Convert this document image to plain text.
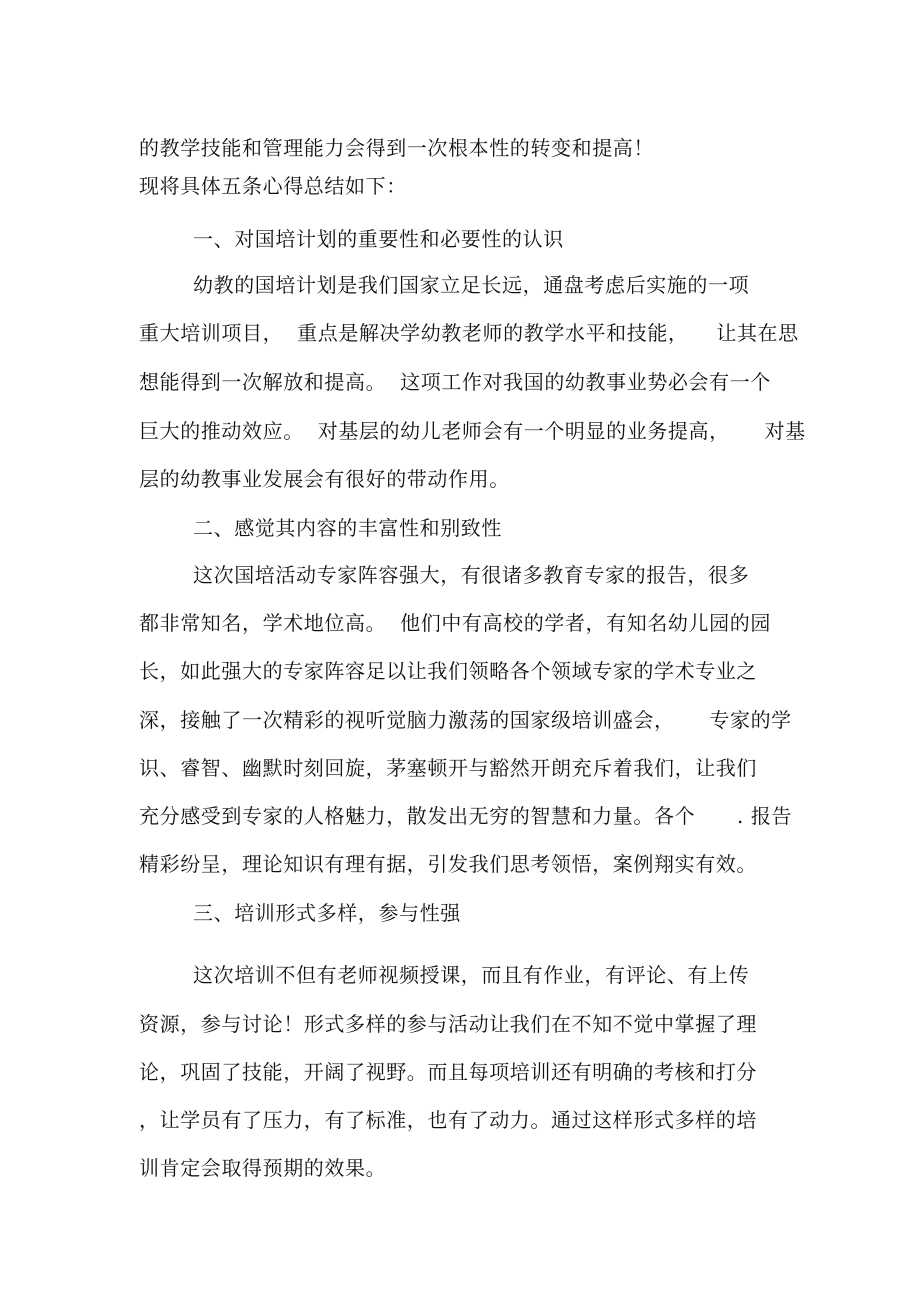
的教学技能和管理能力会得到一次根本性的转变和提高！
现将具体五条心得总结如下：
一、对国培计划的重要性和必要性的认识
幼教的国培计划是我们国家立足长远，通盘考虑后实施的一项
重大培训项目，  重点是解决学幼教老师的教学水平和技能，    让其在思
想能得到一次解放和提高。  这项工作对我国的幼教事业势必会有一个
巨大的推动效应。  对基层的幼儿老师会有一个明显的业务提高，     对基
层的幼教事业发展会有很好的带动作用。
二、感觉其内容的丰富性和别致性
这次国培活动专家阵容强大，有很诸多教育专家的报告，很多
都非常知名，学术地位高。  他们中有高校的学者，有知名幼儿园的园
长，如此强大的专家阵容足以让我们领略各个领域专家的学术专业之
深，接触了一次精彩的视听觉脑力激荡的国家级培训盛会，     专家的学
识、睿智、幽默时刻回旋，茅塞顿开与豁然开朗充斥着我们，让我们
充分感受到专家的人格魅力，散发出无穷的智慧和力量。各个      . 报告
精彩纷呈，理论知识有理有据，引发我们思考领悟，案例翔实有效。
三、培训形式多样，参与性强
这次培训不但有老师视频授课，而且有作业，有评论、有上传
资源，参与讨论！形式多样的参与活动让我们在不知不觉中掌握了理
论，巩固了技能，开阔了视野。而且每项培训还有明确的考核和打分
，让学员有了压力，有了标准，也有了动力。通过这样形式多样的培
训肯定会取得预期的效果。
